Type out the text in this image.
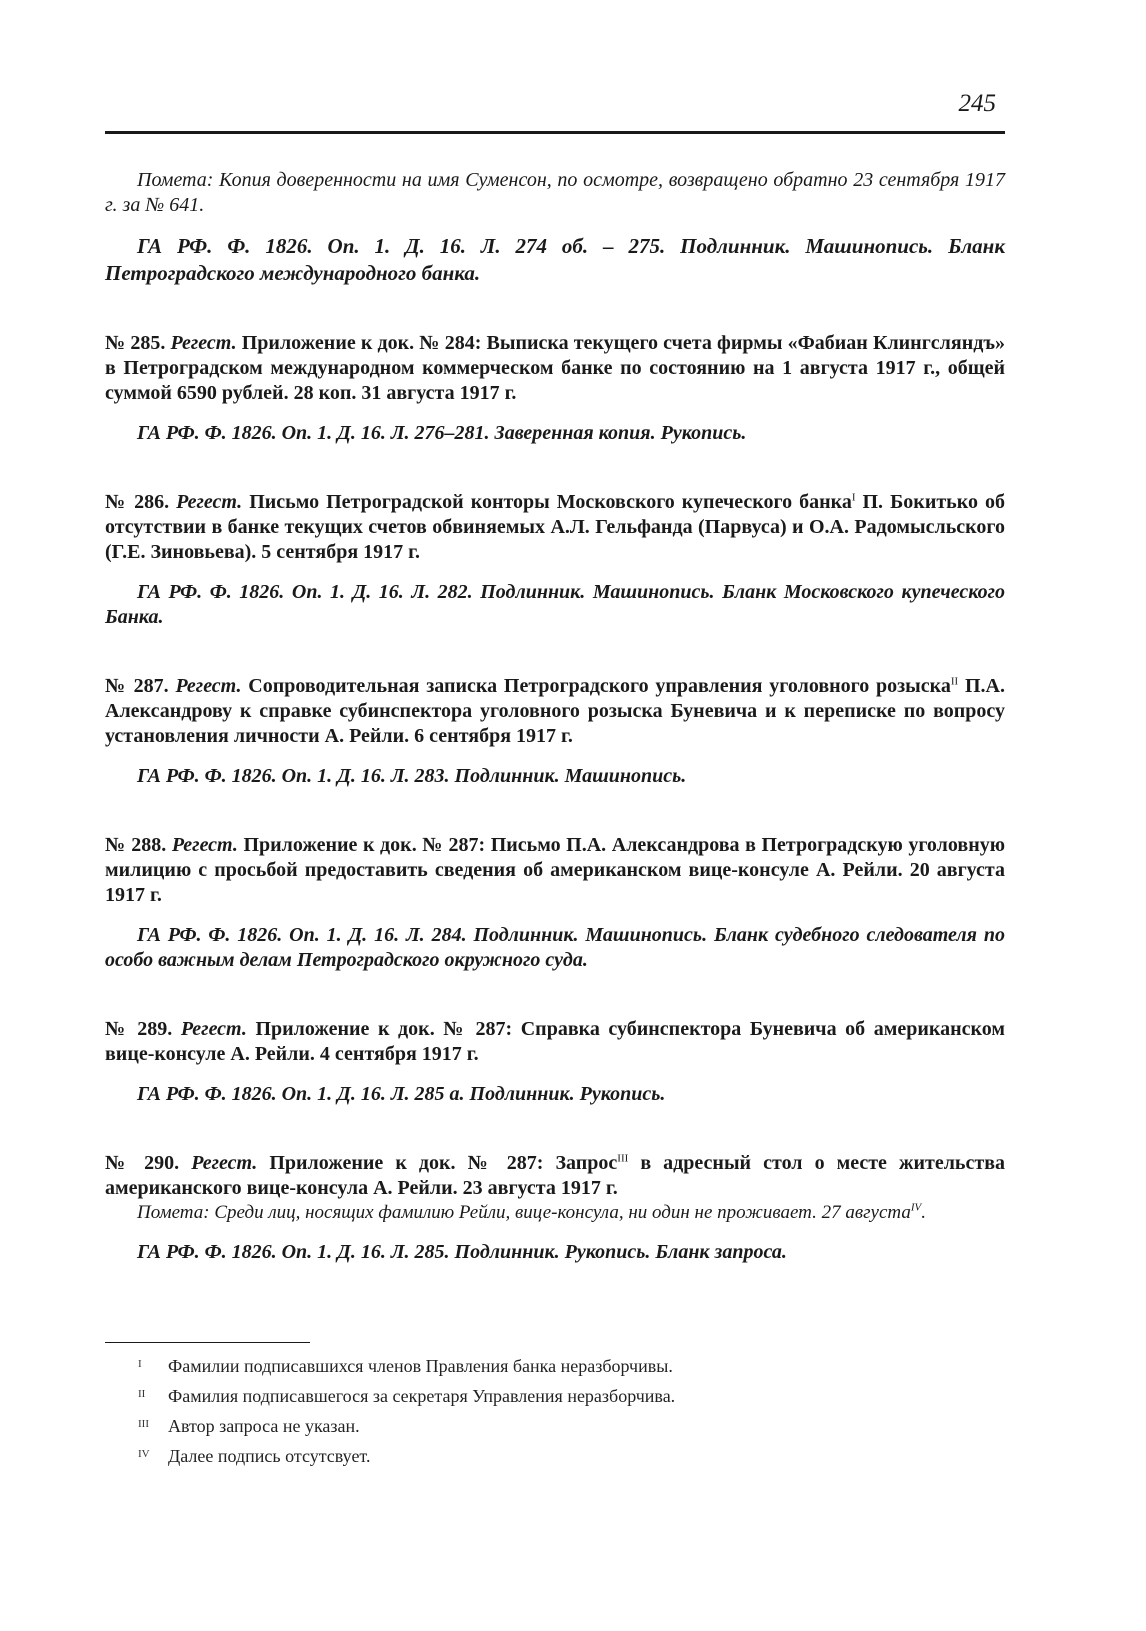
245

Помета: Копия доверенности на имя Суменсон, по осмотре, возвращено обратно 23 сентября 1917 г. за № 641.

ГА РФ. Ф. 1826. Оп. 1. Д. 16. Л. 274 об. – 275. Подлинник. Машинопись. Бланк Петроградского международного банка.

№ 285. Регест. Приложение к док. № 284: Выписка текущего счета фирмы «Фабиан Клингсляндъ» в Петроградском международном коммерческом банке по состоянию на 1 августа 1917 г., общей суммой 6590 рублей. 28 коп. 31 августа 1917 г.

ГА РФ. Ф. 1826. Оп. 1. Д. 16. Л. 276–281. Заверенная копия. Рукопись.

№ 286. Регест. Письмо Петроградской конторы Московского купеческого банка$^I$ П. Бокитько об отсутствии в банке текущих счетов обвиняемых А.Л. Гельфанда (Парвуса) и О.А. Радомысльского (Г.Е. Зиновьева). 5 сентября 1917 г.

ГА РФ. Ф. 1826. Оп. 1. Д. 16. Л. 282. Подлинник. Машинопись. Бланк Московского купеческого Банка.

№ 287. Регест. Сопроводительная записка Петроградского управления уголовного розыска$^{II}$ П.А. Александрову к справке субинспектора уголовного розыска Буневича и к переписке по вопросу установления личности А. Рейли. 6 сентября 1917 г.

ГА РФ. Ф. 1826. Оп. 1. Д. 16. Л. 283. Подлинник. Машинопись.

№ 288. Регест. Приложение к док. № 287: Письмо П.А. Александрова в Петроградскую уголовную милицию с просьбой предоставить сведения об американском вице-консуле А. Рейли. 20 августа 1917 г.

ГА РФ. Ф. 1826. Оп. 1. Д. 16. Л. 284. Подлинник. Машинопись. Бланк судебного следователя по особо важным делам Петроградского окружного суда.

№ 289. Регест. Приложение к док. № 287: Справка субинспектора Буневича об американском вице-консуле А. Рейли. 4 сентября 1917 г.

ГА РФ. Ф. 1826. Оп. 1. Д. 16. Л. 285 а. Подлинник. Рукопись.

№ 290. Регест. Приложение к док. № 287: Запрос$^{III}$ в адресный стол о месте жительства американского вице-консула А. Рейли. 23 августа 1917 г.

Помета: Среди лиц, носящих фамилию Рейли, вице-консула, ни один не проживает. 27 августа$^{IV}$.

ГА РФ. Ф. 1826. Оп. 1. Д. 16. Л. 285. Подлинник. Рукопись. Бланк запроса.

I	Фамилии подписавшихся членов Правления банка неразборчивы.
II	Фамилия подписавшегося за секретаря Управления неразборчива.
III	Автор запроса не указан.
IV	Далее подпись отсутсвует.
